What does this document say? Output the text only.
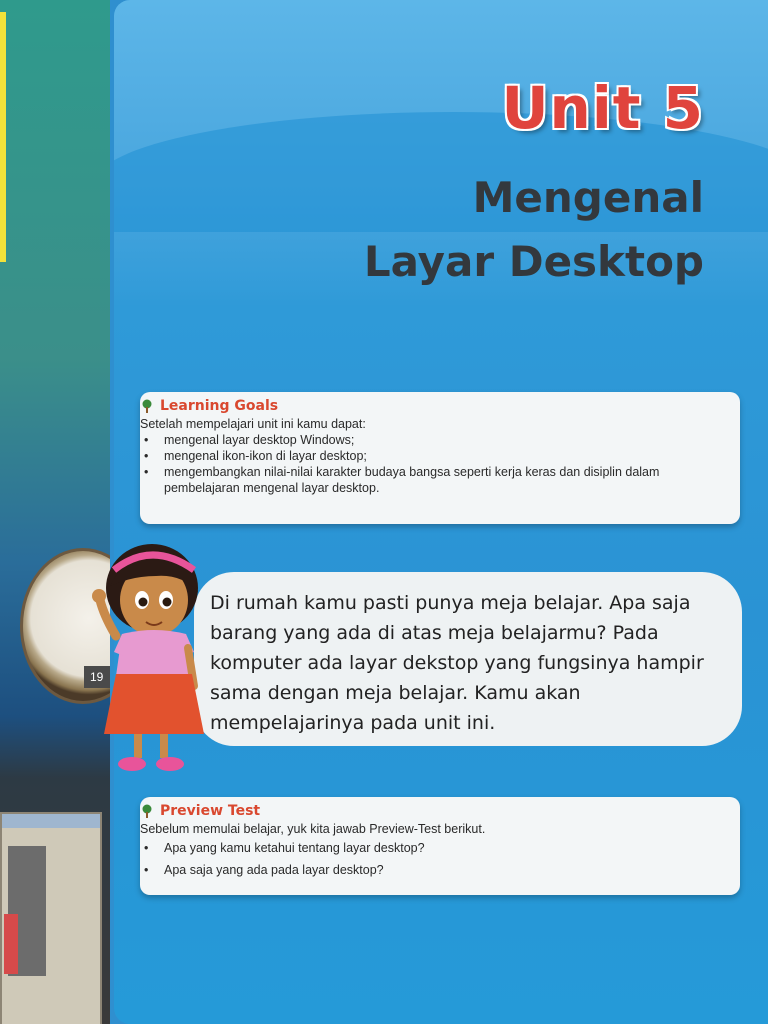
19
Unit 5
Mengenal
Layar Desktop
Learning Goals

Setelah mempelajari unit ini kamu dapat:

• mengenal layar desktop Windows;
• mengenal ikon-ikon di layar desktop;
• mengembangkan nilai-nilai karakter budaya bangsa seperti kerja keras dan disiplin dalam pembelajaran mengenal layar desktop.

Di rumah kamu pasti punya meja belajar. Apa saja barang yang ada di atas meja belajarmu? Pada komputer ada layar dekstop yang fungsinya hampir sama dengan meja belajar. Kamu akan mempelajarinya pada unit ini.

Preview Test

Sebelum memulai belajar, yuk kita jawab Preview-Test berikut.

• Apa yang kamu ketahui tentang layar desktop?
• Apa saja yang ada pada layar desktop?
